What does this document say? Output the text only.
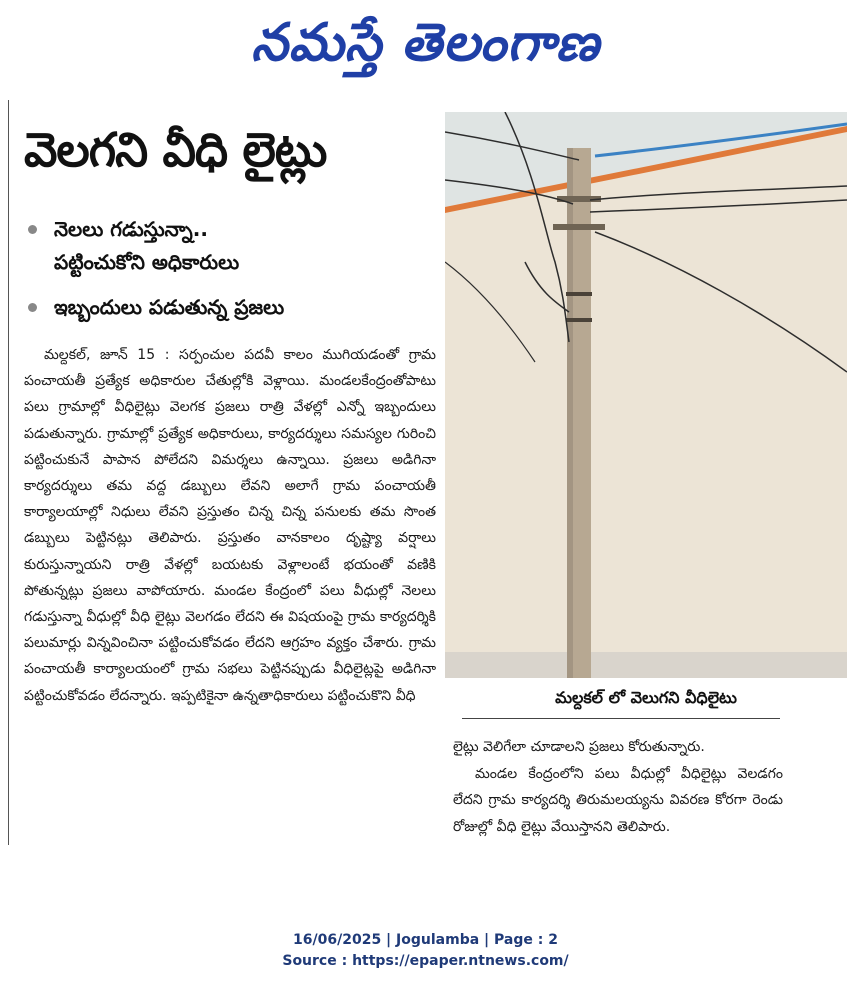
నమస్తే తెలంగాణ
వెలగని వీధి లైట్లు
నెలలు గడుస్తున్నా..
పట్టించుకోని అధికారులు
ఇబ్బందులు పడుతున్న ప్రజలు

మల్దకల్, జూన్ 15 : సర్పంచుల పదవీ కాలం ముగియడంతో గ్రామ పంచాయతీ ప్రత్యేక అధికారుల చేతుల్లోకి వెళ్లాయి. మండలకేంద్రంతోపాటు పలు గ్రామాల్లో వీధిలైట్లు వెలగక ప్రజలు రాత్రి వేళల్లో ఎన్నో ఇబ్బందులు పడుతున్నారు. గ్రామాల్లో ప్రత్యేక అధికారులు, కార్యదర్శులు సమస్యల గురించి పట్టించుకునే పాపాన పోలేదని విమర్శలు ఉన్నాయి. ప్రజలు అడిగినా కార్యదర్శులు తమ వద్ద డబ్బులు లేవని అలాగే గ్రామ పంచాయతీ కార్యాలయాల్లో నిధులు లేవని ప్రస్తుతం చిన్న చిన్న పనులకు తమ సొంత డబ్బులు పెట్టినట్లు తెలిపారు. ప్రస్తుతం వానకాలం దృష్ట్యా వర్షాలు కురుస్తున్నాయని రాత్రి వేళల్లో బయటకు వెళ్లాలంటే భయంతో వణికి పోతున్నట్లు ప్రజలు వాపోయారు. మండల కేంద్రంలో పలు వీధుల్లో నెలలు గడుస్తున్నా వీధుల్లో వీధి లైట్లు వెలగడం లేదని ఈ విషయంపై గ్రామ కార్యదర్శికి పలుమార్లు విన్నవించినా పట్టించుకోవడం లేదని ఆగ్రహం వ్యక్తం చేశారు. గ్రామ పంచాయతీ కార్యాలయంలో గ్రామ సభలు పెట్టినప్పుడు వీధిలైట్లపై అడిగినా పట్టించుకోవడం లేదన్నారు. ఇప్పటికైనా ఉన్నతాధికారులు పట్టించుకొని వీధి	మల్దకల్ లో వెలుగని వీధిలైటు

లైట్లు వెలిగేలా చూడాలని ప్రజలు కోరుతున్నారు.

మండల కేంద్రంలోని పలు వీధుల్లో వీధిలైట్లు వెలడగం లేదని గ్రామ కార్యదర్శి తిరుమలయ్యను వివరణ కోరగా రెండు రోజుల్లో వీధి లైట్లు వేయిస్తానని తెలిపారు.

16/06/2025 | Jogulamba | Page : 2
Source : https://epaper.ntnews.com/
